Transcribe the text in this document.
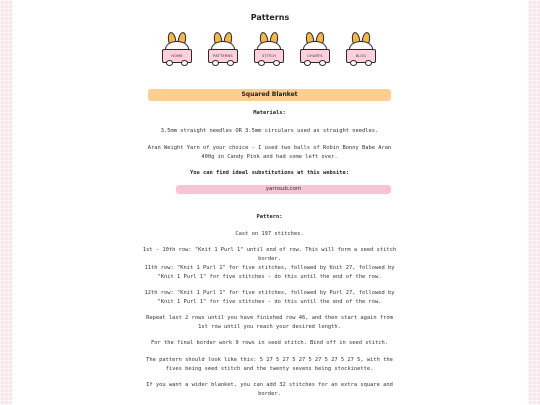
Patterns
HOME	PATTERNS	STITCH	CHARTS	BLOG
Squared Blanket
Materials:
3.5mm straight needles OR 3.5mm circulars used as straight needles.
Aran Weight Yarn of your choice - I used two balls of Robin Bonny Babe Aran 400g in Candy Pink and had some left over.
You can find ideal substitutions at this website:
yarnsub.com
Pattern:
Cast on 197 stitches.
1st - 10th row: "Knit 1 Purl 1" until end of row. This will form a seed stitch border.
11th row: "Knit 1 Purl 1" for five stitches, followed by Knit 27, followed by "Knit 1 Purl 1" for five stitches - do this until the end of the row.
12th row: "Knit 1 Purl 1" for five stitches, followed by Purl 27, followed by "Knit 1 Purl 1" for five stitches - do this until the end of the row.
Repeat last 2 rows until you have finished row 46, and then start again from 1st row until you reach your desired length.
For the final border work 9 rows in seed stitch. Bind off in seed stitch.
The pattern should look like this: 5 27 5 27 5 27 5 27 5 27 5 27 5, with the fives being seed stitch and the twenty sevens being stockinette.
If you want a wider blanket, you can add 32 stitches for an extra square and border.
